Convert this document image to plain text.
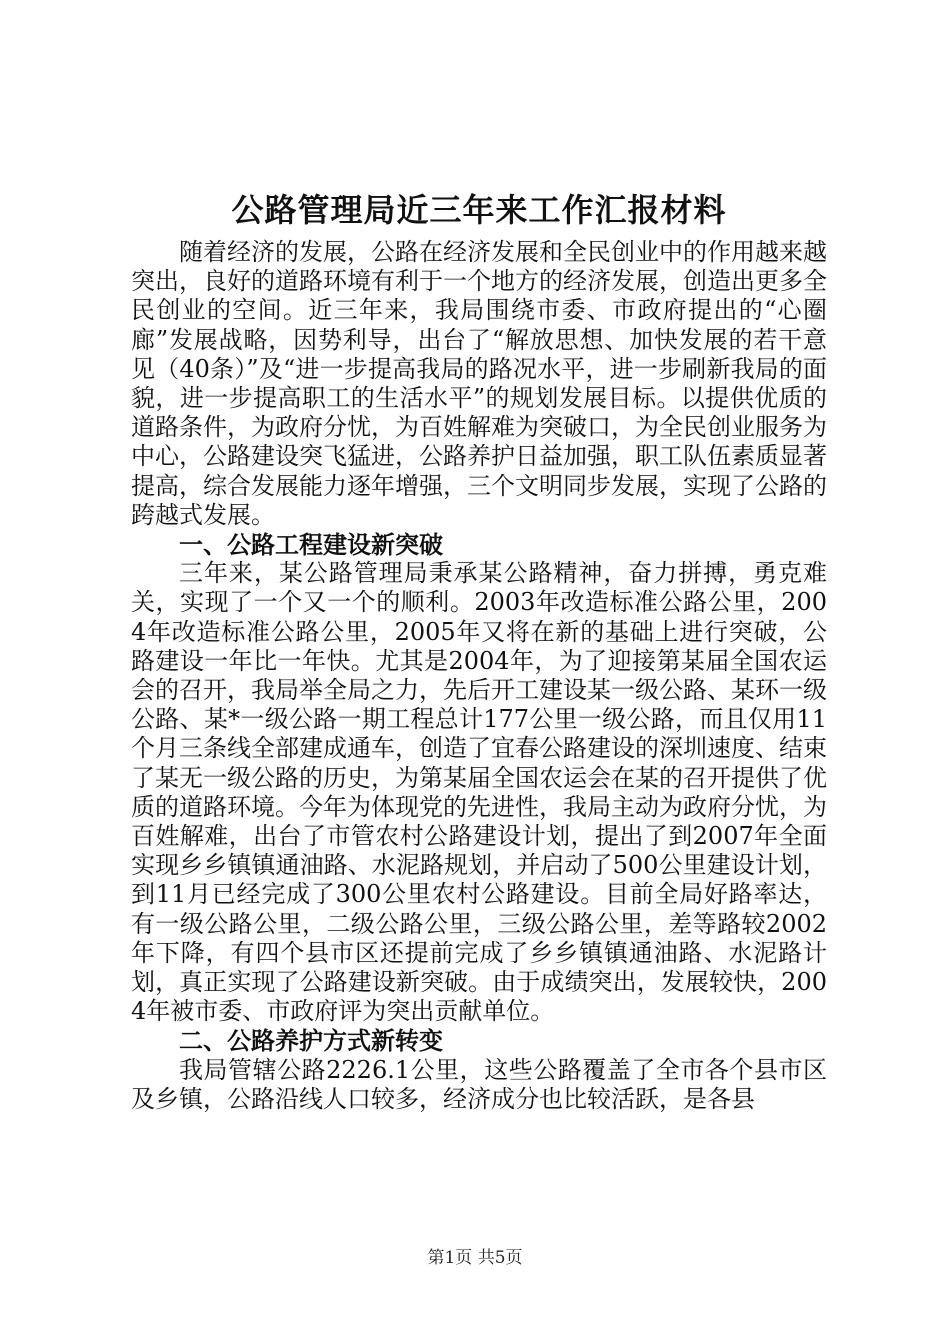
公路管理局近三年来工作汇报材料

随着经济的发展，公路在经济发展和全民创业中的作用越来越突出，良好的道路环境有利于一个地方的经济发展，创造出更多全民创业的空间。近三年来，我局围绕市委、市政府提出的“心圈廊”发展战略，因势利导，出台了“解放思想、加快发展的若干意见（40条）”及“进一步提高我局的路况水平，进一步刷新我局的面貌，进一步提高职工的生活水平”的规划发展目标。以提供优质的道路条件，为政府分忧，为百姓解难为突破口，为全民创业服务为中心，公路建设突飞猛进，公路养护日益加强，职工队伍素质显著提高，综合发展能力逐年增强，三个文明同步发展，实现了公路的跨越式发展。

一、公路工程建设新突破

三年来，某公路管理局秉承某公路精神，奋力拼搏，勇克难关，实现了一个又一个的顺利。2003年改造标准公路公里，2004年改造标准公路公里，2005年又将在新的基础上进行突破，公路建设一年比一年快。尤其是2004年，为了迎接第某届全国农运会的召开，我局举全局之力，先后开工建设某一级公路、某环一级公路、某*一级公路一期工程总计177公里一级公路，而且仅用11个月三条线全部建成通车，创造了宜春公路建设的深圳速度、结束了某无一级公路的历史，为第某届全国农运会在某的召开提供了优质的道路环境。今年为体现党的先进性，我局主动为政府分忧，为百姓解难，出台了市管农村公路建设计划，提出了到2007年全面实现乡乡镇镇通油路、水泥路规划，并启动了500公里建设计划，到11月已经完成了300公里农村公路建设。目前全局好路率达，有一级公路公里，二级公路公里，三级公路公里，差等路较2002年下降，有四个县市区还提前完成了乡乡镇镇通油路、水泥路计划，真正实现了公路建设新突破。由于成绩突出，发展较快，2004年被市委、市政府评为突出贡献单位。

二、公路养护方式新转变

我局管辖公路2226.1公里，这些公路覆盖了全市各个县市区及乡镇，公路沿线人口较多，经济成分也比较活跃，是各县

第1页 共5页
